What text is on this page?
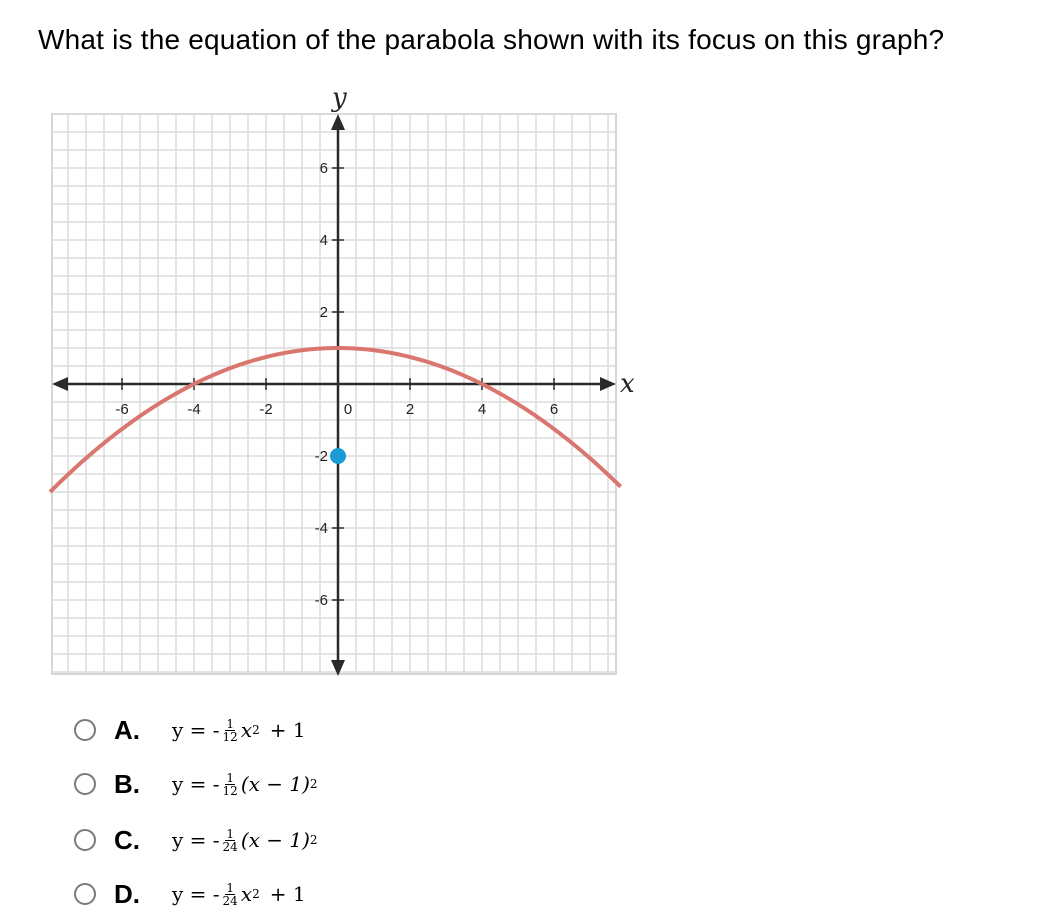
What is the equation of the parabola shown with its focus on this graph?
x
y
-6	-4	-2	0	2	4	6
6
4
2
-2
-4
-6
A.	y = - $\frac{1}{12}$ x 2 + 1
B.	y = - $\frac{1}{12} (x - 1)$ 2
C.	y = - $\frac{1}{24} (x - 1)$ 2
D.	y = - $\frac{1}{24}$ x 2 + 1
